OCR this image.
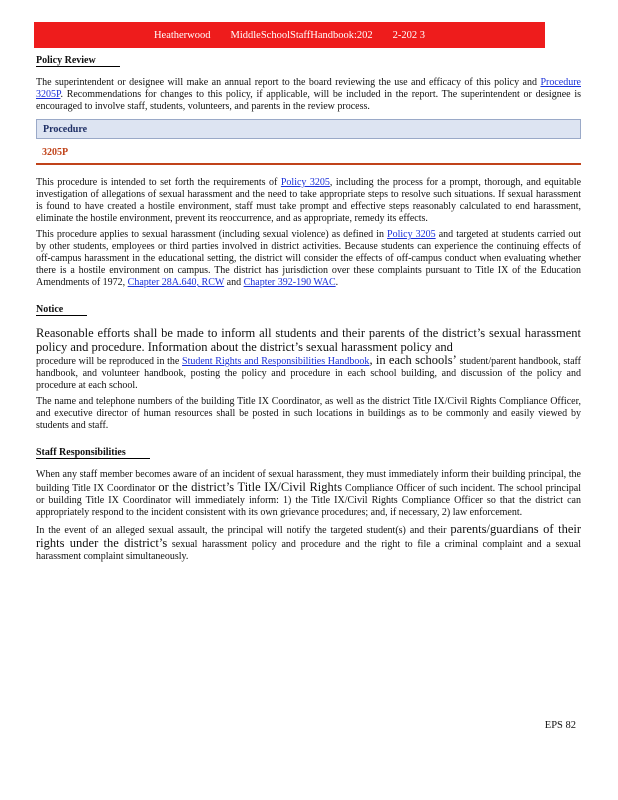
Heatherwood MiddleSchoolStaffHandbook:202 2-202 3
Policy Review

The superintendent or designee will make an annual report to the board reviewing the use and efficacy of this policy and Procedure 3205P. Recommendations for changes to this policy, if applicable, will be included in the report. The superintendent or designee is encouraged to involve staff, students, volunteers, and parents in the review process.

Procedure
3205P

This procedure is intended to set forth the requirements of Policy 3205, including the process for a prompt, thorough, and equitable investigation of allegations of sexual harassment and the need to take appropriate steps to resolve such situations. If sexual harassment is found to have created a hostile environment, staff must take prompt and effective steps reasonably calculated to end harassment, eliminate the hostile environment, prevent its reoccurrence, and as appropriate, remedy its effects.

This procedure applies to sexual harassment (including sexual violence) as defined in Policy 3205 and targeted at students carried out by other students, employees or third parties involved in district activities. Because students can experience the continuing effects of off-campus harassment in the educational setting, the district will consider the effects of off-campus conduct when evaluating whether there is a hostile environment on campus. The district has jurisdiction over these complaints pursuant to Title IX of the Education Amendments of 1972, Chapter 28A.640, RCW and Chapter 392-190 WAC.

Notice

Reasonable efforts shall be made to inform all students and their parents of the district’s sexual harassment policy and procedure. Information about the district’s sexual harassment policy and

procedure will be reproduced in the Student Rights and Responsibilities Handbook, in each schools’ student/parent handbook, staff handbook, and volunteer handbook, posting the policy and procedure in each school building, and discussion of the policy and procedure at each school.

The name and telephone numbers of the building Title IX Coordinator, as well as the district Title IX/Civil Rights Compliance Officer, and executive director of human resources shall be posted in such locations in buildings as to be commonly and easily viewed by students and staff.

Staff Responsibilities

When any staff member becomes aware of an incident of sexual harassment, they must immediately inform their building principal, the building Title IX Coordinator or the district’s Title IX/Civil Rights Compliance Officer of such incident. The school principal or building Title IX Coordinator will immediately inform: 1) the Title IX/Civil Rights Compliance Officer so that the district can appropriately respond to the incident consistent with its own grievance procedures; and, if necessary, 2) law enforcement.

In the event of an alleged sexual assault, the principal will notify the targeted student(s) and their parents/guardians of their rights under the district’s sexual harassment policy and procedure and the right to file a criminal complaint and a sexual harassment complaint simultaneously.

EPS 82
